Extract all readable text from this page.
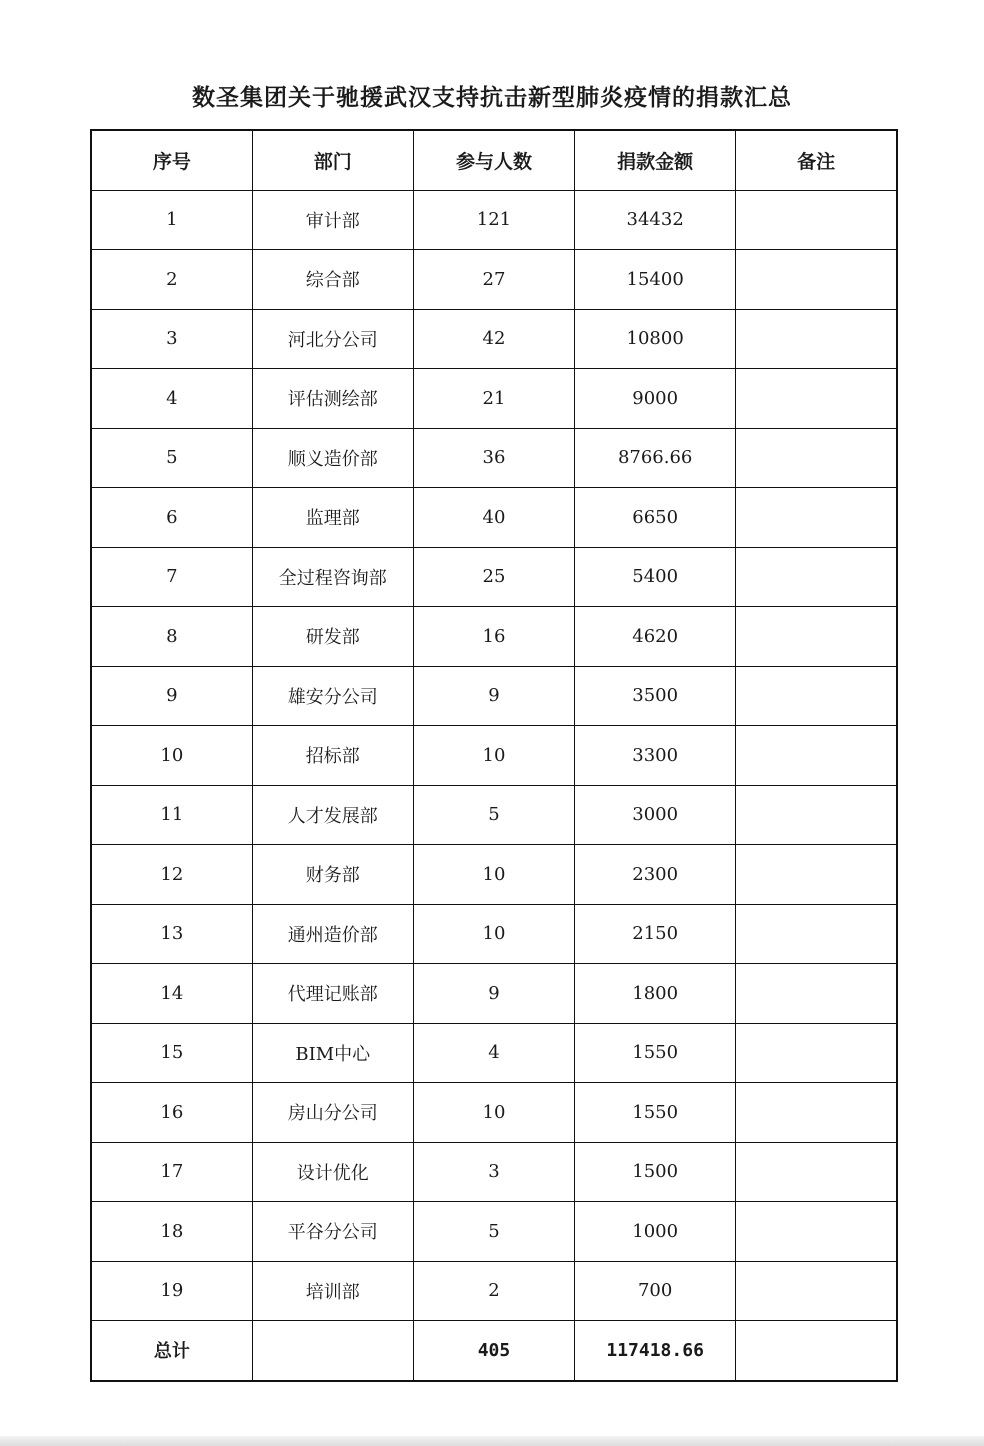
数圣集团关于驰援武汉支持抗击新型肺炎疫情的捐款汇总
序号	部门	参与人数	捐款金额	备注
1	审计部	121	34432	
2	综合部	27	15400	
3	河北分公司	42	10800	
4	评估测绘部	21	9000	
5	顺义造价部	36	8766.66	
6	监理部	40	6650	
7	全过程咨询部	25	5400	
8	研发部	16	4620	
9	雄安分公司	9	3500	
10	招标部	10	3300	
11	人才发展部	5	3000	
12	财务部	10	2300	
13	通州造价部	10	2150	
14	代理记账部	9	1800	
15	BIM中心	4	1550	
16	房山分公司	10	1550	
17	设计优化	3	1500	
18	平谷分公司	5	1000	
19	培训部	2	700	
总计		405	117418.66	
